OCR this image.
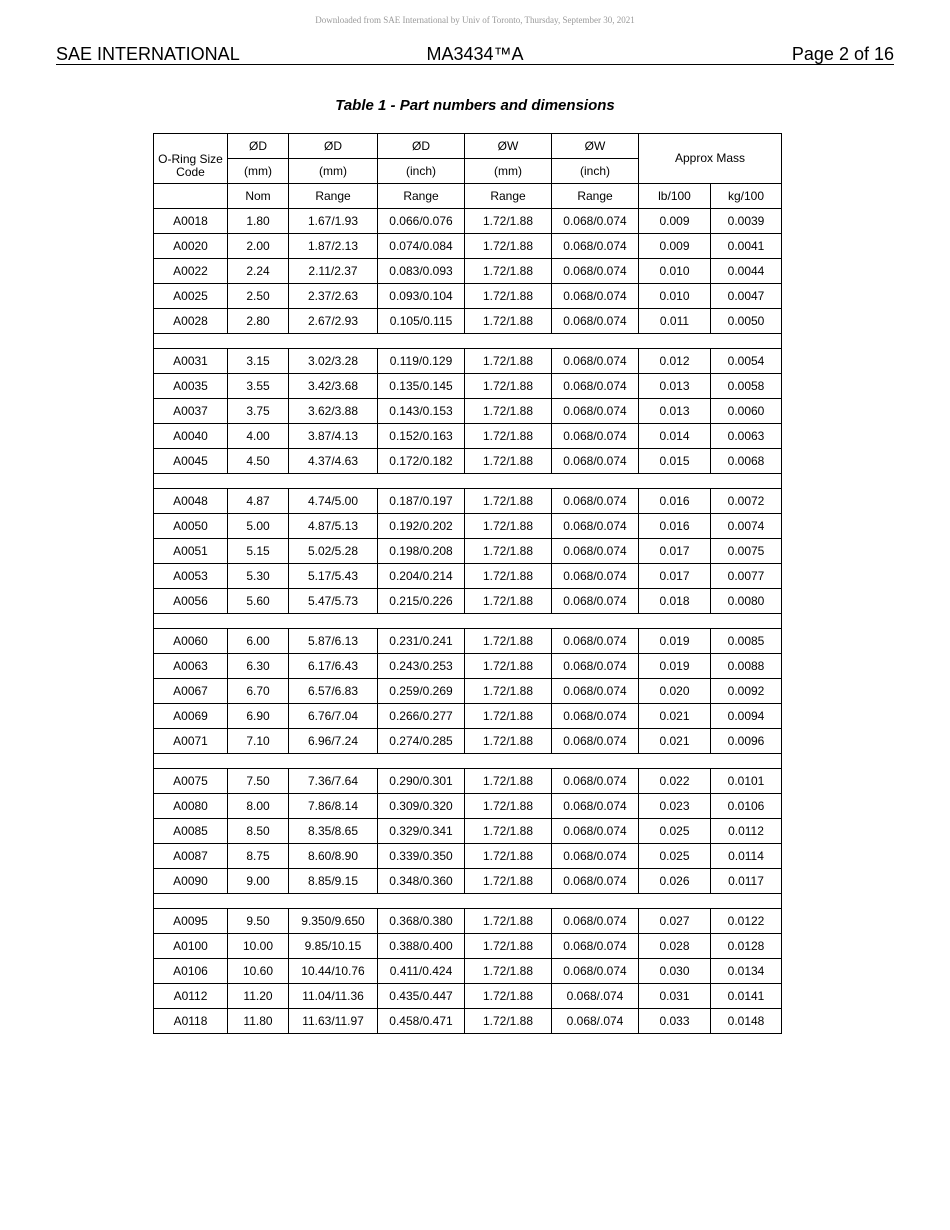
Downloaded from SAE International by Univ of Toronto, Thursday, September 30, 2021
SAE INTERNATIONAL	MA3434™A	Page 2 of 16
Table 1 - Part numbers and dimensions
O-Ring Size Code	ØD	ØD	ØD	ØW	ØW	Approx Mass	
	(mm)	(mm)	(inch)	(mm)	(inch)		
	Nom	Range	Range	Range	Range	lb/100	kg/100
A0018	1.80	1.67/1.93	0.066/0.076	1.72/1.88	0.068/0.074	0.009	0.0039
A0020	2.00	1.87/2.13	0.074/0.084	1.72/1.88	0.068/0.074	0.009	0.0041
A0022	2.24	2.11/2.37	0.083/0.093	1.72/1.88	0.068/0.074	0.010	0.0044
A0025	2.50	2.37/2.63	0.093/0.104	1.72/1.88	0.068/0.074	0.010	0.0047
A0028	2.80	2.67/2.93	0.105/0.115	1.72/1.88	0.068/0.074	0.011	0.0050

A0031	3.15	3.02/3.28	0.119/0.129	1.72/1.88	0.068/0.074	0.012	0.0054
A0035	3.55	3.42/3.68	0.135/0.145	1.72/1.88	0.068/0.074	0.013	0.0058
A0037	3.75	3.62/3.88	0.143/0.153	1.72/1.88	0.068/0.074	0.013	0.0060
A0040	4.00	3.87/4.13	0.152/0.163	1.72/1.88	0.068/0.074	0.014	0.0063
A0045	4.50	4.37/4.63	0.172/0.182	1.72/1.88	0.068/0.074	0.015	0.0068

A0048	4.87	4.74/5.00	0.187/0.197	1.72/1.88	0.068/0.074	0.016	0.0072
A0050	5.00	4.87/5.13	0.192/0.202	1.72/1.88	0.068/0.074	0.016	0.0074
A0051	5.15	5.02/5.28	0.198/0.208	1.72/1.88	0.068/0.074	0.017	0.0075
A0053	5.30	5.17/5.43	0.204/0.214	1.72/1.88	0.068/0.074	0.017	0.0077
A0056	5.60	5.47/5.73	0.215/0.226	1.72/1.88	0.068/0.074	0.018	0.0080

A0060	6.00	5.87/6.13	0.231/0.241	1.72/1.88	0.068/0.074	0.019	0.0085
A0063	6.30	6.17/6.43	0.243/0.253	1.72/1.88	0.068/0.074	0.019	0.0088
A0067	6.70	6.57/6.83	0.259/0.269	1.72/1.88	0.068/0.074	0.020	0.0092
A0069	6.90	6.76/7.04	0.266/0.277	1.72/1.88	0.068/0.074	0.021	0.0094
A0071	7.10	6.96/7.24	0.274/0.285	1.72/1.88	0.068/0.074	0.021	0.0096

A0075	7.50	7.36/7.64	0.290/0.301	1.72/1.88	0.068/0.074	0.022	0.0101
A0080	8.00	7.86/8.14	0.309/0.320	1.72/1.88	0.068/0.074	0.023	0.0106
A0085	8.50	8.35/8.65	0.329/0.341	1.72/1.88	0.068/0.074	0.025	0.0112
A0087	8.75	8.60/8.90	0.339/0.350	1.72/1.88	0.068/0.074	0.025	0.0114
A0090	9.00	8.85/9.15	0.348/0.360	1.72/1.88	0.068/0.074	0.026	0.0117

A0095	9.50	9.350/9.650	0.368/0.380	1.72/1.88	0.068/0.074	0.027	0.0122
A0100	10.00	9.85/10.15	0.388/0.400	1.72/1.88	0.068/0.074	0.028	0.0128
A0106	10.60	10.44/10.76	0.411/0.424	1.72/1.88	0.068/0.074	0.030	0.0134
A0112	11.20	11.04/11.36	0.435/0.447	1.72/1.88	0.068/.074	0.031	0.0141
A0118	11.80	11.63/11.97	0.458/0.471	1.72/1.88	0.068/.074	0.033	0.0148
